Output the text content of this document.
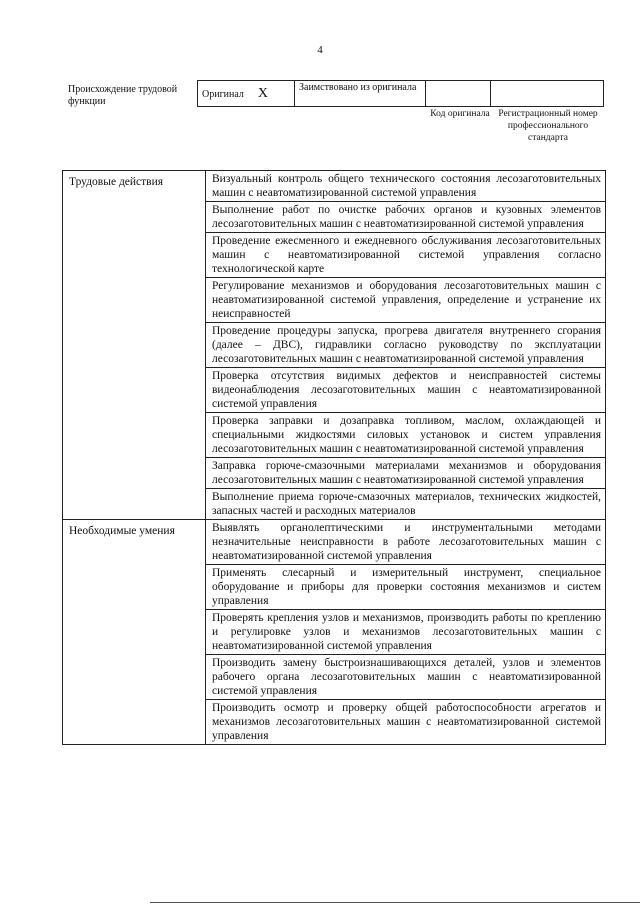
4
Происхождение трудовой функции
Оригинал X	Заимствовано из оригинала		
Код оригинала Регистрационный номер профессионального стандарта
Трудовые действия	Визуальный контроль общего технического состояния лесозаготовительных машин с неавтоматизированной системой управления
	Выполнение работ по очистке рабочих органов и кузовных элементов лесозаготовительных машин с неавтоматизированной системой управления
	Проведение ежесменного и ежедневного обслуживания лесозаготовительных машин с неавтоматизированной системой управления согласно технологической карте
	Регулирование механизмов и оборудования лесозаготовительных машин с неавтоматизированной системой управления, определение и устранение их неисправностей
	Проведение процедуры запуска, прогрева двигателя внутреннего сгорания (далее – ДВС), гидравлики согласно руководству по эксплуатации лесозаготовительных машин с неавтоматизированной системой управления
	Проверка отсутствия видимых дефектов и неисправностей системы видеонаблюдения лесозаготовительных машин с неавтоматизированной системой управления
	Проверка заправки и дозаправка топливом, маслом, охлаждающей и специальными жидкостями силовых установок и систем управления лесозаготовительных машин с неавтоматизированной системой управления
	Заправка горюче-смазочными материалами механизмов и оборудования лесозаготовительных машин с неавтоматизированной системой управления
	Выполнение приема горюче-смазочных материалов, технических жидкостей, запасных частей и расходных материалов
Необходимые умения	Выявлять органолептическими и инструментальными методами незначительные неисправности в работе лесозаготовительных машин с неавтоматизированной системой управления
	Применять слесарный и измерительный инструмент, специальное оборудование и приборы для проверки состояния механизмов и систем управления
	Проверять крепления узлов и механизмов, производить работы по креплению и регулировке узлов и механизмов лесозаготовительных машин с неавтоматизированной системой управления
	Производить замену быстроизнашивающихся деталей, узлов и элементов рабочего органа лесозаготовительных машин с неавтоматизированной системой управления
	Производить осмотр и проверку общей работоспособности агрегатов и механизмов лесозаготовительных машин с неавтоматизированной системой управления
